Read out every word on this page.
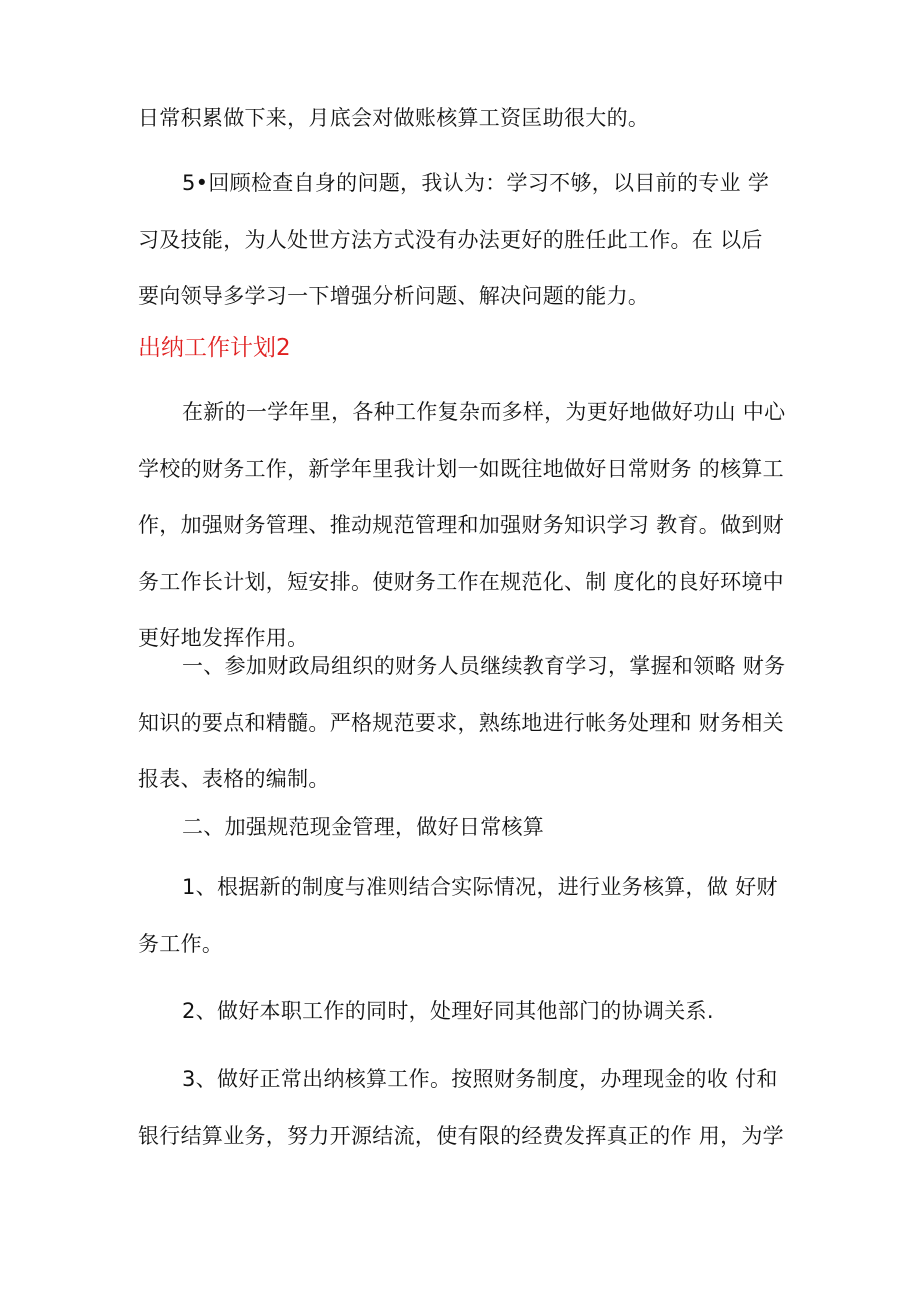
日常积累做下来，月底会对做账核算工资匡助很大的。

5•回顾检查自身的问题，我认为：学习不够，以目前的专业 学
习及技能，为人处世方法方式没有办法更好的胜任此工作。在 以后
要向领导多学习一下增强分析问题、解决问题的能力。

出纳工作计划2

在新的一学年里，各种工作复杂而多样，为更好地做好功山 中心
学校的财务工作，新学年里我计划一如既往地做好日常财务 的核算工
作，加强财务管理、推动规范管理和加强财务知识学习 教育。做到财
务工作长计划，短安排。使财务工作在规范化、制 度化的良好环境中
更好地发挥作用。

一、参加财政局组织的财务人员继续教育学习，掌握和领略 财务
知识的要点和精髓。严格规范要求，熟练地进行帐务处理和 财务相关
报表、表格的编制。

二、加强规范现金管理，做好日常核算

1、根据新的制度与准则结合实际情况，进行业务核算，做 好财
务工作。

2、做好本职工作的同时，处理好同其他部门的协调关系.

3、做好正常出纳核算工作。按照财务制度，办理现金的收 付和
银行结算业务，努力开源结流，使有限的经费发挥真正的作 用，为学
